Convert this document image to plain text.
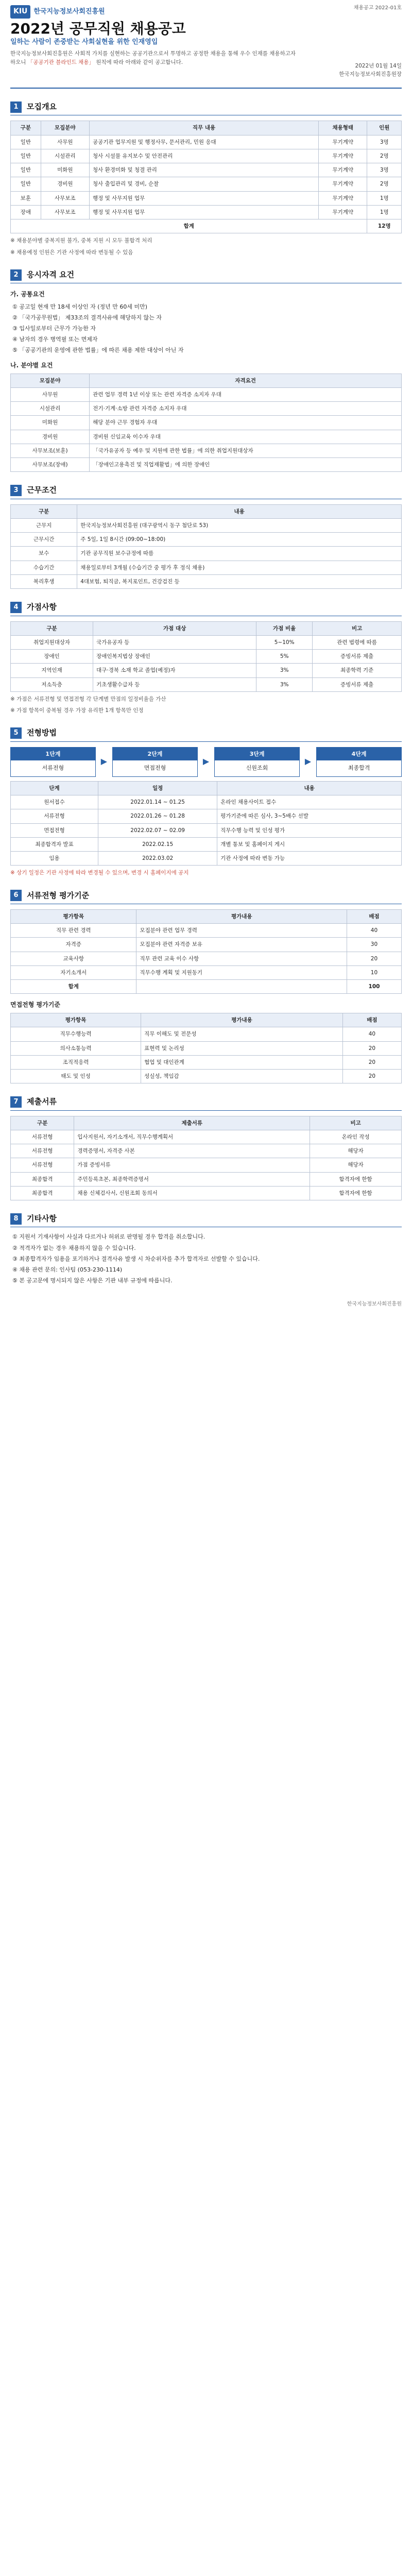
KIU 한국지능정보사회진흥원	채용공고 2022-01호
2022년 공무직원 채용공고
일하는 사람이 존중받는 사회실현을 위한 인재영입
한국지능정보사회진흥원은 사회적 가치를 실현하는 공공기관으로서 투명하고 공정한 채용을 통해 우수 인재를 채용하고자 하오니 「공공기관 블라인드 채용」 원칙에 따라 아래와 같이 공고합니다.
2022년 01월 14일
한국지능정보사회진흥원장
1	모집개요
구분	모집분야	직무 내용	채용형태	인원
일반	사무원	공공기관 업무지원 및 행정사무, 문서관리, 민원 응대	무기계약	3명
일반	시설관리	청사 시설물 유지보수 및 안전관리	무기계약	2명
일반	미화원	청사 환경미화 및 청결 관리	무기계약	3명
일반	경비원	청사 출입관리 및 경비, 순찰	무기계약	2명
보훈	사무보조	행정 및 사무지원 업무	무기계약	1명
장애	사무보조	행정 및 사무지원 업무	무기계약	1명
합계				12명
※ 채용분야별 중복지원 불가, 중복 지원 시 모두 불합격 처리
※ 채용예정 인원은 기관 사정에 따라 변동될 수 있음
2	응시자격 요건
가. 공통요건
① 공고일 현재 만 18세 이상인 자 (정년 만 60세 미만)
② 「국가공무원법」 제33조의 결격사유에 해당하지 않는 자
③ 입사일로부터 근무가 가능한 자
④ 남자의 경우 병역필 또는 면제자
⑤ 「공공기관의 운영에 관한 법률」에 따른 채용 제한 대상이 아닌 자
나. 분야별 요건
모집분야	자격요건
사무원	관련 업무 경력 1년 이상 또는 관련 자격증 소지자 우대
시설관리	전기·기계·소방 관련 자격증 소지자 우대
미화원	해당 분야 근무 경험자 우대
경비원	경비원 신임교육 이수자 우대
사무보조(보훈)	「국가유공자 등 예우 및 지원에 관한 법률」에 의한 취업지원대상자
사무보조(장애)	「장애인고용촉진 및 직업재활법」에 의한 장애인
3	근무조건
구분	내용
근무지	한국지능정보사회진흥원 (대구광역시 동구 첨단로 53)
근무시간	주 5일, 1일 8시간 (09:00~18:00)
보수	기관 공무직원 보수규정에 따름
수습기간	채용일로부터 3개월 (수습기간 중 평가 후 정식 채용)
복리후생	4대보험, 퇴직금, 복지포인트, 건강검진 등
4	가점사항
구분	가점 대상	가점 비율	비고
취업지원대상자	국가유공자 등	5~10%	관련 법령에 따름
장애인	장애인복지법상 장애인	5%	증빙서류 제출
지역인재	대구·경북 소재 학교 졸업(예정)자	3%	최종학력 기준
저소득층	기초생활수급자 등	3%	증빙서류 제출
※ 가점은 서류전형 및 면접전형 각 단계별 만점의 일정비율을 가산
※ 가점 항목이 중복될 경우 가장 유리한 1개 항목만 인정
5	전형방법
1단계
서류전형
▶
2단계
면접전형
▶
3단계
신원조회
▶
4단계
최종합격
단계	일정	내용
원서접수	2022.01.14 ~ 01.25	온라인 채용사이트 접수
서류전형	2022.01.26 ~ 01.28	평가기준에 따른 심사, 3~5배수 선발
면접전형	2022.02.07 ~ 02.09	직무수행 능력 및 인성 평가
최종합격자 발표	2022.02.15	개별 통보 및 홈페이지 게시
임용	2022.03.02	기관 사정에 따라 변동 가능
※ 상기 일정은 기관 사정에 따라 변경될 수 있으며, 변경 시 홈페이지에 공지
6	서류전형 평가기준
평가항목	평가내용	배점
직무 관련 경력	모집분야 관련 업무 경력	40
자격증	모집분야 관련 자격증 보유	30
교육사항	직무 관련 교육 이수 사항	20
자기소개서	직무수행 계획 및 지원동기	10
합계		100
면접전형 평가기준
평가항목	평가내용	배점
직무수행능력	직무 이해도 및 전문성	40
의사소통능력	표현력 및 논리성	20
조직적응력	협업 및 대인관계	20
태도 및 인성	성실성, 책임감	20
7	제출서류
구분	제출서류	비고
서류전형	입사지원서, 자기소개서, 직무수행계획서	온라인 작성
서류전형	경력증명서, 자격증 사본	해당자
서류전형	가점 증빙서류	해당자
최종합격	주민등록초본, 최종학력증명서	합격자에 한함
최종합격	채용 신체검사서, 신원조회 동의서	합격자에 한함
8	기타사항
① 지원서 기재사항이 사실과 다르거나 허위로 판명될 경우 합격을 취소합니다.
② 적격자가 없는 경우 채용하지 않을 수 있습니다.
③ 최종합격자가 임용을 포기하거나 결격사유 발생 시 차순위자를 추가 합격자로 선발할 수 있습니다.
④ 채용 관련 문의: 인사팀 (053-230-1114)
⑤ 본 공고문에 명시되지 않은 사항은 기관 내부 규정에 따릅니다.
한국지능정보사회진흥원
